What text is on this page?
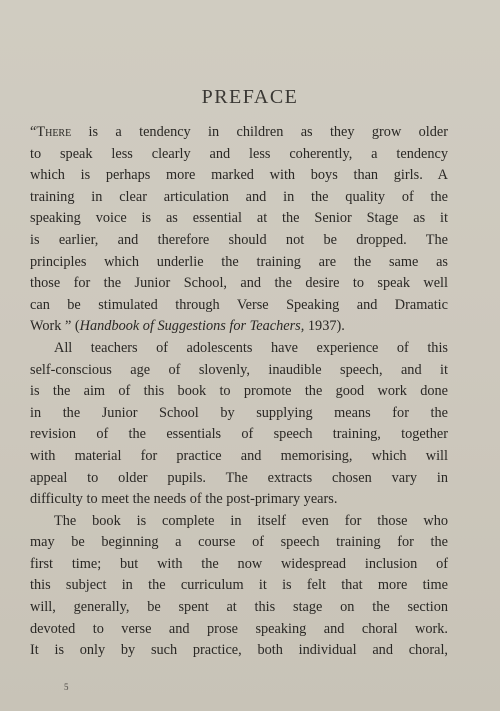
PREFACE
“There is a tendency in children as they grow older
to speak less clearly and less coherently, a tendency
which is perhaps more marked with boys than girls. A
training in clear articulation and in the quality of the
speaking voice is as essential at the Senior Stage as it
is earlier, and therefore should not be dropped. The
principles which underlie the training are the same as
those for the Junior School, and the desire to speak well
can be stimulated through Verse Speaking and Dramatic
Work ” (Handbook of Suggestions for Teachers, 1937).
All teachers of adolescents have experience of this
self-conscious age of slovenly, inaudible speech, and it
is the aim of this book to promote the good work done
in the Junior School by supplying means for the
revision of the essentials of speech training, together
with material for practice and memorising, which will
appeal to older pupils. The extracts chosen vary in
difficulty to meet the needs of the post-primary years.
The book is complete in itself even for those who
may be beginning a course of speech training for the
first time; but with the now widespread inclusion of
this subject in the curriculum it is felt that more time
will, generally, be spent at this stage on the section
devoted to verse and prose speaking and choral work.
It is only by such practice, both individual and choral,
5
